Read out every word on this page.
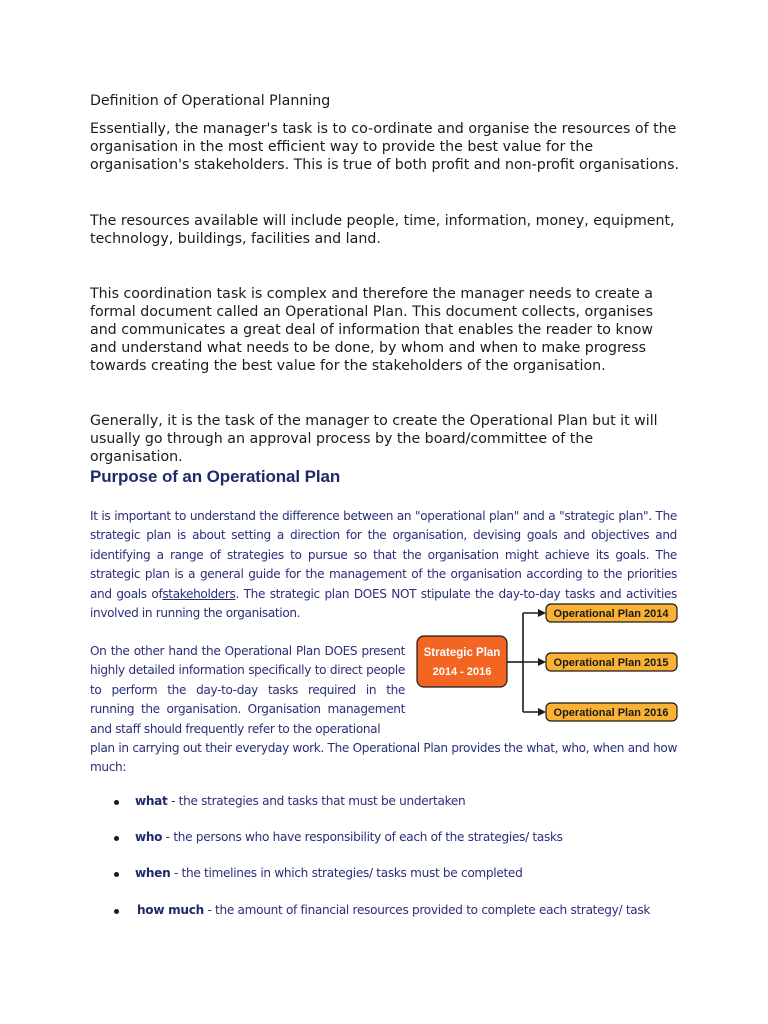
Definition of Operational Planning
Essentially, the manager's task is to co-ordinate and organise the resources of the organisation in the most efficient way to provide the best value for the organisation's stakeholders. This is true of both profit and non-profit organisations.
The resources available will include people, time, information, money, equipment, technology, buildings, facilities and land.
This coordination task is complex and therefore the manager needs to create a formal document called an Operational Plan. This document collects, organises and communicates a great deal of information that enables the reader to know and understand what needs to be done, by whom and when to make progress towards creating the best value for the stakeholders of the organisation.
Generally, it is the task of the manager to create the Operational Plan but it will usually go through an approval process by the board/committee of the organisation.
Purpose of an Operational Plan
It is important to understand the difference between an "operational plan" and a "strategic plan". The strategic plan is about setting a direction for the organisation, devising goals and objectives and identifying a range of strategies to pursue so that the organisation might achieve its goals. The strategic plan is a general guide for the management of the organisation according to the priorities and goals ofstakeholders. The strategic plan DOES NOT stipulate the day-to-day tasks and activities involved in running the organisation.
On the other hand the Operational Plan DOES present highly detailed information specifically to direct people to perform the day-to-day tasks required in the running the organisation. Organisation management and staff should frequently refer to the operational
plan in carrying out their everyday work. The Operational Plan provides the what, who, when and how much:
Strategic Plan
2014 - 2016
Operational Plan 2014
Operational Plan 2015
Operational Plan 2016
what - the strategies and tasks that must be undertaken
who - the persons who have responsibility of each of the strategies/ tasks
when - the timelines in which strategies/ tasks must be completed
how much - the amount of financial resources provided to complete each strategy/ task
